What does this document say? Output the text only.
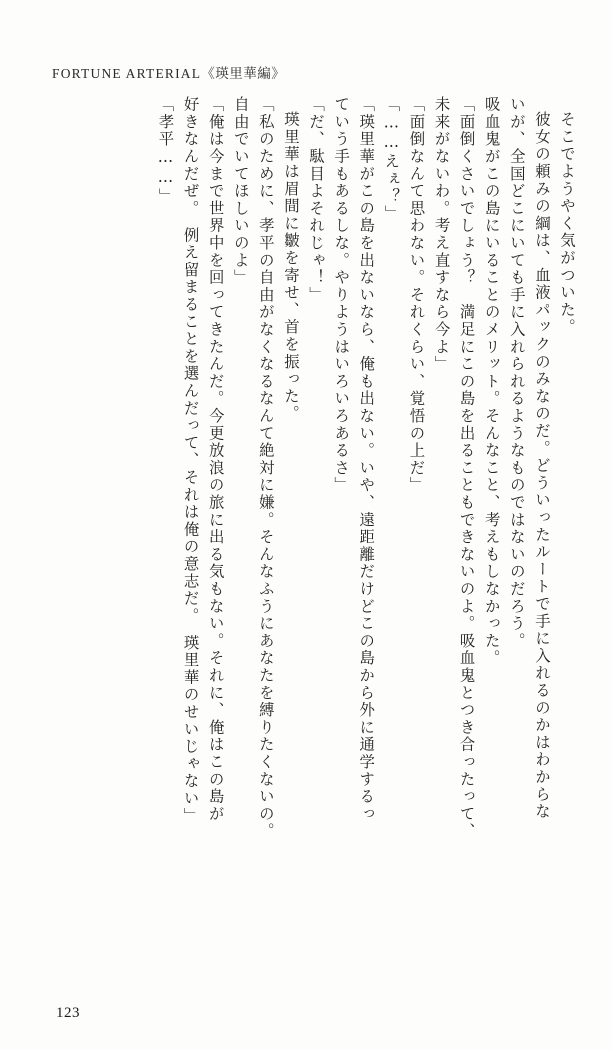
FORTUNE ARTERIAL《瑛里華編》
そこでようやく気がついた。
彼女の頼みの綱は、血液パックのみなのだ。どういったルートで手に入れるのかはわからな
いが、全国どこにいても手に入れられるようなものではないのだろう。
吸血鬼がこの島にいることのメリット。そんなこと、考えもしなかった。
「面倒くさいでしょう？　満足にこの島を出ることもできないのよ。吸血鬼とつき合ったって、
未来がないわ。考え直すなら今よ」
「面倒なんて思わない。それくらい、覚悟の上だ」
「……えぇ？」
「瑛里華がこの島を出ないなら、俺も出ない。いや、遠距離だけどこの島から外に通学するっ
ていう手もあるしな。やりようはいろいろあるさ」
「だ、駄目よそれじゃ！」
瑛里華は眉間に皺を寄せ、首を振った。
「私のために、孝平の自由がなくなるなんて絶対に嫌。そんなふうにあなたを縛りたくないの。
自由でいてほしいのよ」
「俺は今まで世界中を回ってきたんだ。今更放浪の旅に出る気もない。それに、俺はこの島が
好きなんだぜ。　例え留まることを選んだって、それは俺の意志だ。　瑛里華のせいじゃない」
「孝平……」
123
